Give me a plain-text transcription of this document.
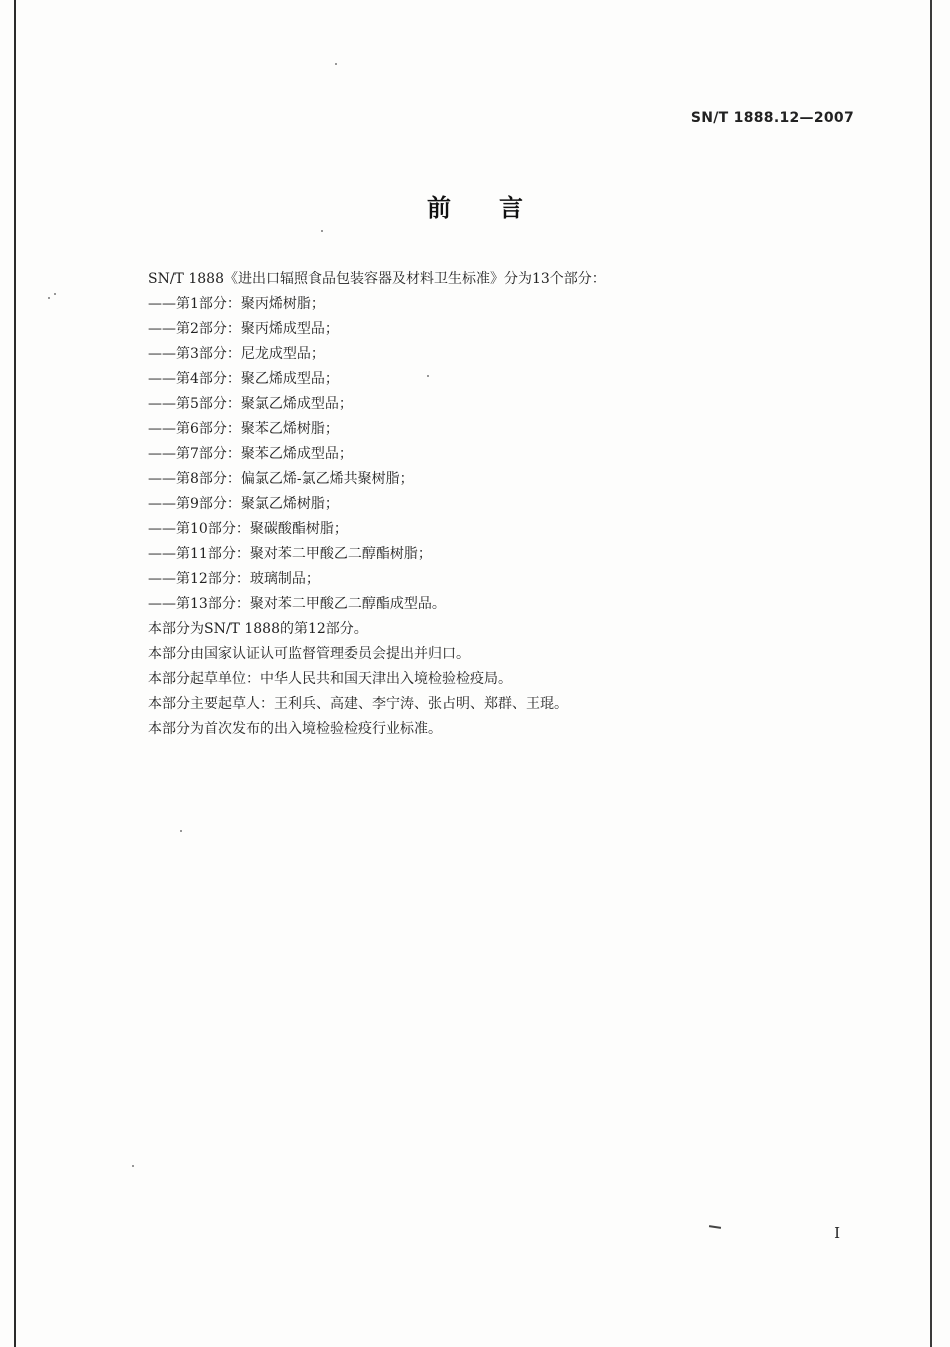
SN/T 1888.12—2007
前言
SN/T 1888《进出口辐照食品包装容器及材料卫生标准》分为13个部分：
——第1部分：聚丙烯树脂；
——第2部分：聚丙烯成型品；
——第3部分：尼龙成型品；
——第4部分：聚乙烯成型品；
——第5部分：聚氯乙烯成型品；
——第6部分：聚苯乙烯树脂；
——第7部分：聚苯乙烯成型品；
——第8部分：偏氯乙烯-氯乙烯共聚树脂；
——第9部分：聚氯乙烯树脂；
——第10部分：聚碳酸酯树脂；
——第11部分：聚对苯二甲酸乙二醇酯树脂；
——第12部分：玻璃制品；
——第13部分：聚对苯二甲酸乙二醇酯成型品。
本部分为SN/T 1888的第12部分。
本部分由国家认证认可监督管理委员会提出并归口。
本部分起草单位：中华人民共和国天津出入境检验检疫局。
本部分主要起草人：王利兵、高建、李宁涛、张占明、郑群、王琨。
本部分为首次发布的出入境检验检疫行业标准。
I
